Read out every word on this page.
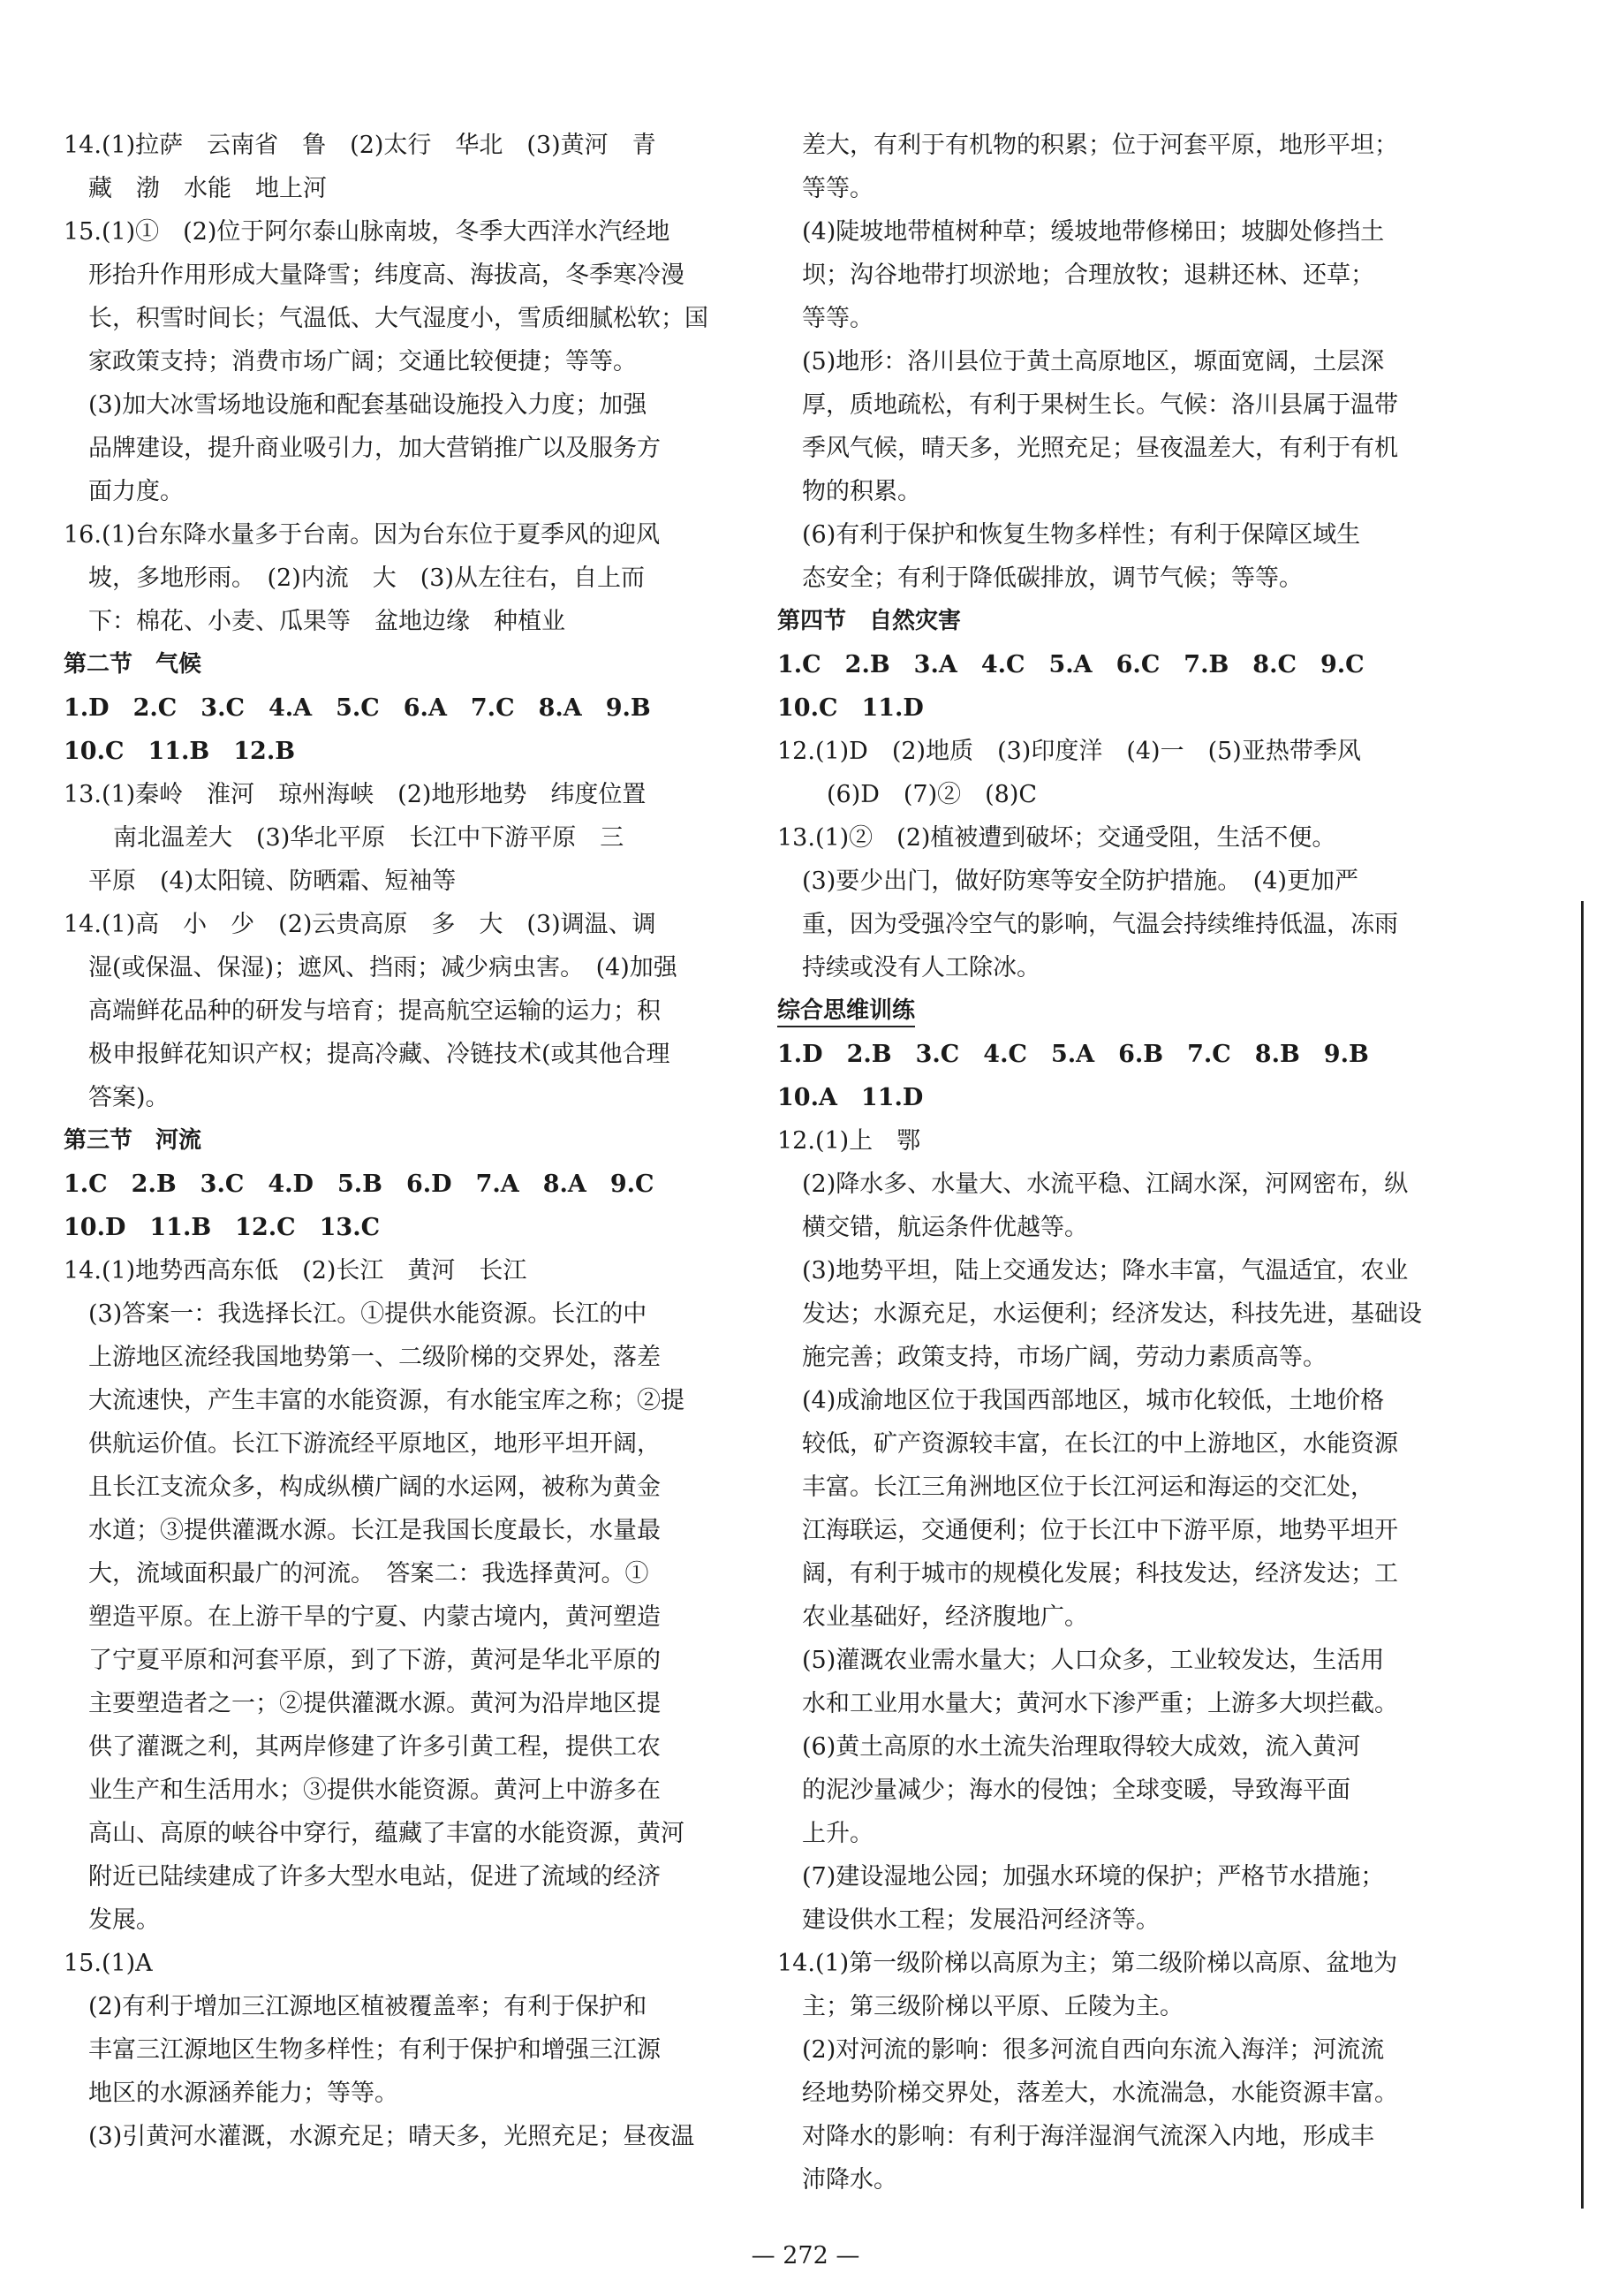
14.(1)拉萨　云南省　鲁　(2)太行　华北　(3)黄河　青
藏　渤　水能　地上河
15.(1)①　(2)位于阿尔泰山脉南坡，冬季大西洋水汽经地
形抬升作用形成大量降雪；纬度高、海拔高，冬季寒冷漫
长，积雪时间长；气温低、大气湿度小，雪质细腻松软；国
家政策支持；消费市场广阔；交通比较便捷；等等。
(3)加大冰雪场地设施和配套基础设施投入力度；加强
品牌建设，提升商业吸引力，加大营销推广以及服务方
面力度。
16.(1)台东降水量多于台南。因为台东位于夏季风的迎风
坡，多地形雨。　(2)内流　大　(3)从左往右，自上而
下：棉花、小麦、瓜果等　盆地边缘　种植业
第二节　气候
1.D　2.C　3.C　4.A　5.C　6.A　7.C　8.A　9.B
10.C　11.B　12.B
13.(1)秦岭　淮河　琼州海峡　(2)地形地势　纬度位置
南北温差大　(3)华北平原　长江中下游平原　三
平原　(4)太阳镜、防晒霜、短袖等
14.(1)高　小　少　(2)云贵高原　多　大　(3)调温、调
湿(或保温、保湿)；遮风、挡雨；减少病虫害。　(4)加强
高端鲜花品种的研发与培育；提高航空运输的运力；积
极申报鲜花知识产权；提高冷藏、冷链技术(或其他合理
答案)。
第三节　河流
1.C　2.B　3.C　4.D　5.B　6.D　7.A　8.A　9.C
10.D　11.B　12.C　13.C
14.(1)地势西高东低　(2)长江　黄河　长江
(3)答案一：我选择长江。①提供水能资源。长江的中
上游地区流经我国地势第一、二级阶梯的交界处，落差
大流速快，产生丰富的水能资源，有水能宝库之称；②提
供航运价值。长江下游流经平原地区，地形平坦开阔，
且长江支流众多，构成纵横广阔的水运网，被称为黄金
水道；③提供灌溉水源。长江是我国长度最长，水量最
大，流域面积最广的河流。　答案二：我选择黄河。①
塑造平原。在上游干旱的宁夏、内蒙古境内，黄河塑造
了宁夏平原和河套平原，到了下游，黄河是华北平原的
主要塑造者之一；②提供灌溉水源。黄河为沿岸地区提
供了灌溉之利，其两岸修建了许多引黄工程，提供工农
业生产和生活用水；③提供水能资源。黄河上中游多在
高山、高原的峡谷中穿行，蕴藏了丰富的水能资源，黄河
附近已陆续建成了许多大型水电站，促进了流域的经济
发展。
15.(1)A
(2)有利于增加三江源地区植被覆盖率；有利于保护和
丰富三江源地区生物多样性；有利于保护和增强三江源
地区的水源涵养能力；等等。
(3)引黄河水灌溉，水源充足；晴天多，光照充足；昼夜温
差大，有利于有机物的积累；位于河套平原，地形平坦；
等等。
(4)陡坡地带植树种草；缓坡地带修梯田；坡脚处修挡土
坝；沟谷地带打坝淤地；合理放牧；退耕还林、还草；
等等。
(5)地形：洛川县位于黄土高原地区，塬面宽阔，土层深
厚，质地疏松，有利于果树生长。气候：洛川县属于温带
季风气候，晴天多，光照充足；昼夜温差大，有利于有机
物的积累。
(6)有利于保护和恢复生物多样性；有利于保障区域生
态安全；有利于降低碳排放，调节气候；等等。
第四节　自然灾害
1.C　2.B　3.A　4.C　5.A　6.C　7.B　8.C　9.C
10.C　11.D
12.(1)D　(2)地质　(3)印度洋　(4)一　(5)亚热带季风
(6)D　(7)②　(8)C
13.(1)②　(2)植被遭到破坏；交通受阻，生活不便。
(3)要少出门，做好防寒等安全防护措施。　(4)更加严
重，因为受强冷空气的影响，气温会持续维持低温，冻雨
持续或没有人工除冰。
综合思维训练
1.D　2.B　3.C　4.C　5.A　6.B　7.C　8.B　9.B
10.A　11.D
12.(1)上　鄂
(2)降水多、水量大、水流平稳、江阔水深，河网密布，纵
横交错，航运条件优越等。
(3)地势平坦，陆上交通发达；降水丰富，气温适宜，农业
发达；水源充足，水运便利；经济发达，科技先进，基础设
施完善；政策支持，市场广阔，劳动力素质高等。
(4)成渝地区位于我国西部地区，城市化较低，土地价格
较低，矿产资源较丰富，在长江的中上游地区，水能资源
丰富。长江三角洲地区位于长江河运和海运的交汇处，
江海联运，交通便利；位于长江中下游平原，地势平坦开
阔，有利于城市的规模化发展；科技发达，经济发达；工
农业基础好，经济腹地广。
(5)灌溉农业需水量大；人口众多，工业较发达，生活用
水和工业用水量大；黄河水下渗严重；上游多大坝拦截。
(6)黄土高原的水土流失治理取得较大成效，流入黄河
的泥沙量减少；海水的侵蚀；全球变暖，导致海平面
上升。
(7)建设湿地公园；加强水环境的保护；严格节水措施；
建设供水工程；发展沿河经济等。
14.(1)第一级阶梯以高原为主；第二级阶梯以高原、盆地为
主；第三级阶梯以平原、丘陵为主。
(2)对河流的影响：很多河流自西向东流入海洋；河流流
经地势阶梯交界处，落差大，水流湍急，水能资源丰富。
对降水的影响：有利于海洋湿润气流深入内地，形成丰
沛降水。
— 272 —
